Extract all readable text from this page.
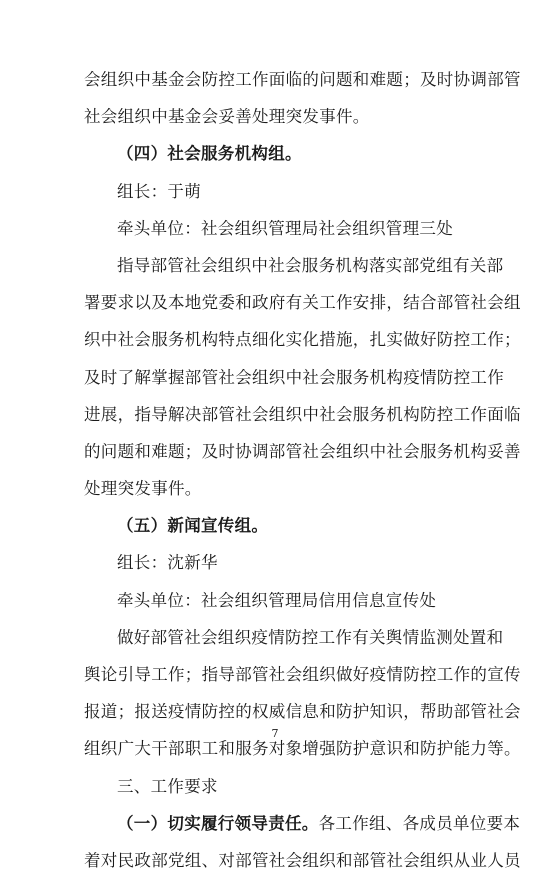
会组织中基金会防控工作面临的问题和难题；及时协调部管
社会组织中基金会妥善处理突发事件。
（四）社会服务机构组。
组长：于萌
牵头单位：社会组织管理局社会组织管理三处
指导部管社会组织中社会服务机构落实部党组有关部
署要求以及本地党委和政府有关工作安排，结合部管社会组
织中社会服务机构特点细化实化措施，扎实做好防控工作；
及时了解掌握部管社会组织中社会服务机构疫情防控工作
进展，指导解决部管社会组织中社会服务机构防控工作面临
的问题和难题；及时协调部管社会组织中社会服务机构妥善
处理突发事件。
（五）新闻宣传组。
组长：沈新华
牵头单位：社会组织管理局信用信息宣传处
做好部管社会组织疫情防控工作有关舆情监测处置和
舆论引导工作；指导部管社会组织做好疫情防控工作的宣传
报道；报送疫情防控的权威信息和防护知识，帮助部管社会
组织广大干部职工和服务对象增强防护意识和防护能力等。
三、工作要求
（一）切实履行领导责任。各工作组、各成员单位要本
着对民政部党组、对部管社会组织和部管社会组织从业人员
7
